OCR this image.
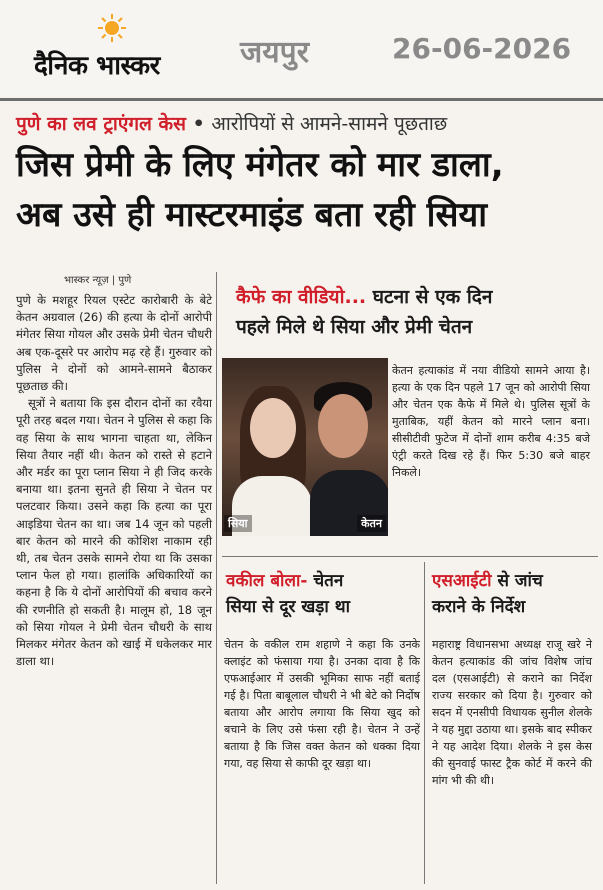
दैनिक भास्कर	जयपुर	26-06-2026
पुणे का लव ट्राएंगल केस • आरोपियों से आमने-सामने पूछताछ
जिस प्रेमी के लिए मंगेतर को मार डाला,
अब उसे ही मास्टरमाइंड बता रही सिया
भास्कर न्यूज़ | पुणे

पुणे के मशहूर रियल एस्टेट कारोबारी के बेटे केतन अग्रवाल (26) की हत्या के दोनों आरोपी मंगेतर सिया गोयल और उसके प्रेमी चेतन चौधरी अब एक-दूसरे पर आरोप मढ़ रहे हैं। गुरुवार को पुलिस ने दोनों को आमने-सामने बैठाकर पूछताछ की।

सूत्रों ने बताया कि इस दौरान दोनों का रवैया पूरी तरह बदल गया। चेतन ने पुलिस से कहा कि वह सिया के साथ भागना चाहता था, लेकिन सिया तैयार नहीं थी। केतन को रास्ते से हटाने और मर्डर का पूरा प्लान सिया ने ही जिद करके बनाया था। इतना सुनते ही सिया ने चेतन पर पलटवार किया। उसने कहा कि हत्या का पूरा आइडिया चेतन का था। जब 14 जून को पहली बार केतन को मारने की कोशिश नाकाम रही थी, तब चेतन उसके सामने रोया था कि उसका प्लान फेल हो गया। हालांकि अधिकारियों का कहना है कि ये दोनों आरोपियों की बचाव करने की रणनीति हो सकती है। मालूम हो, 18 जून को सिया गोयल ने प्रेमी चेतन चौधरी के साथ मिलकर मंगेतर केतन को खाई में धकेलकर मार डाला था।

कैफे का वीडियो... घटना से एक दिन
पहले मिले थे सिया और प्रेमी चेतन
सिया	केतन
केतन हत्याकांड में नया वीडियो सामने आया है। हत्या के एक दिन पहले 17 जून को आरोपी सिया और चेतन एक कैफे में मिले थे। पुलिस सूत्रों के मुताबिक, यहीं केतन को मारने प्लान बना। सीसीटीवी फुटेज में दोनों शाम करीब 4:35 बजे एंट्री करते दिख रहे हैं। फिर 5:30 बजे बाहर निकले।
वकील बोला- चेतन
सिया से दूर खड़ा था
चेतन के वकील राम शहाणे ने कहा कि उनके क्लाइंट को फंसाया गया है। उनका दावा है कि एफआईआर में उसकी भूमिका साफ नहीं बताई गई है। पिता बाबूलाल चौधरी ने भी बेटे को निर्दोष बताया और आरोप लगाया कि सिया खुद को बचाने के लिए उसे फंसा रही है। चेतन ने उन्हें बताया है कि जिस वक्त केतन को धक्का दिया गया, वह सिया से काफी दूर खड़ा था।
एसआईटी से जांच
कराने के निर्देश
महाराष्ट्र विधानसभा अध्यक्ष राजू खरे ने केतन हत्याकांड की जांच विशेष जांच दल (एसआईटी) से कराने का निर्देश राज्य सरकार को दिया है। गुरुवार को सदन में एनसीपी विधायक सुनील शेलके ने यह मुद्दा उठाया था। इसके बाद स्पीकर ने यह आदेश दिया। शेलके ने इस केस की सुनवाई फास्ट ट्रैक कोर्ट में करने की मांग भी की थी।
